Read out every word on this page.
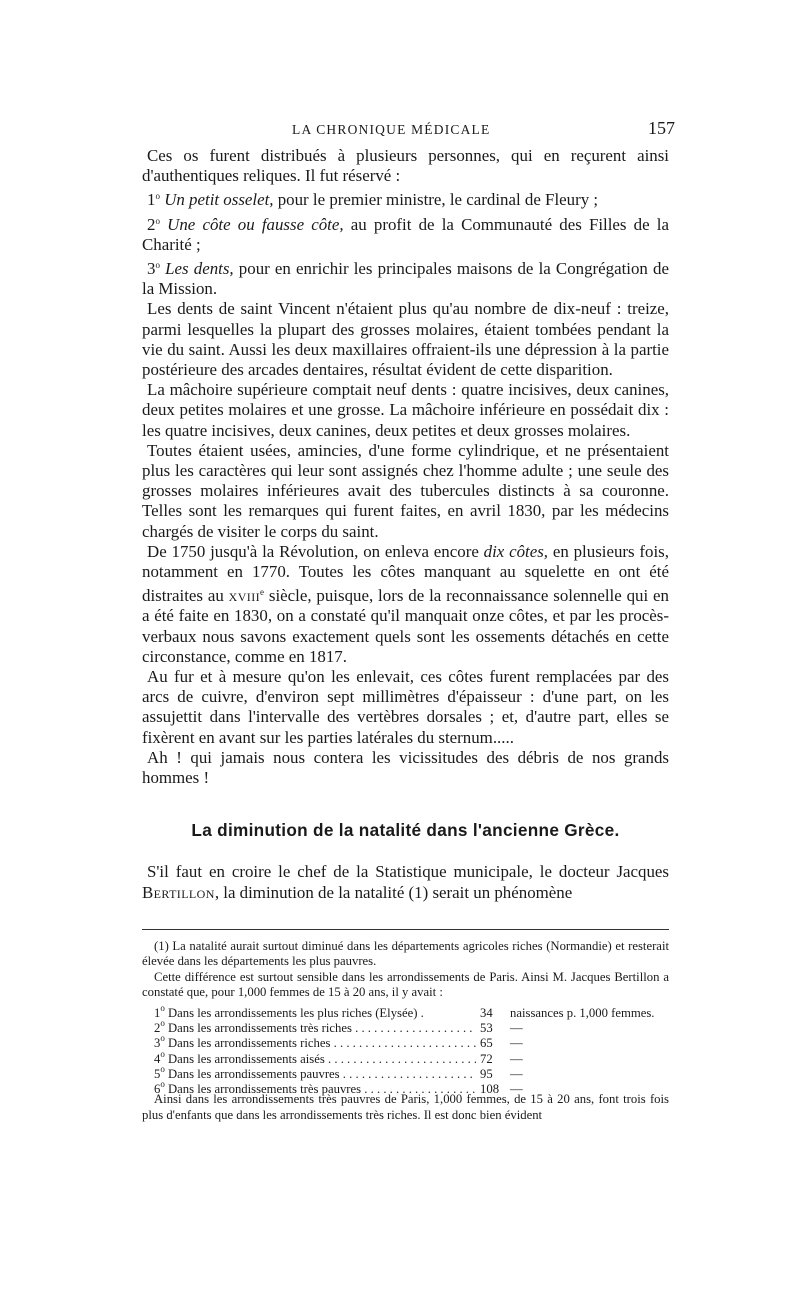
LA CHRONIQUE MÉDICALE	157

Ces os furent distribués à plusieurs personnes, qui en reçurent ainsi d'authentiques reliques. Il fut réservé :

1$^o$ Un petit osselet, pour le premier ministre, le cardinal de Fleury ;

2$^o$ Une côte ou fausse côte, au profit de la Communauté des Filles de la Charité ;

3$^o$ Les dents, pour en enrichir les principales maisons de la Congrégation de la Mission.

Les dents de saint Vincent n'étaient plus qu'au nombre de dix-neuf : treize, parmi lesquelles la plupart des grosses molaires, étaient tombées pendant la vie du saint. Aussi les deux maxillaires offraient-ils une dépression à la partie postérieure des arcades dentaires, résultat évident de cette disparition.

La mâchoire supérieure comptait neuf dents : quatre incisives, deux canines, deux petites molaires et une grosse. La mâchoire inférieure en possédait dix : les quatre incisives, deux canines, deux petites et deux grosses molaires.

Toutes étaient usées, amincies, d'une forme cylindrique, et ne présentaient plus les caractères qui leur sont assignés chez l'homme adulte ; une seule des grosses molaires inférieures avait des tubercules distincts à sa couronne. Telles sont les remarques qui furent faites, en avril 1830, par les médecins chargés de visiter le corps du saint.

De 1750 jusqu'à la Révolution, on enleva encore dix côtes, en plusieurs fois, notamment en 1770. Toutes les côtes manquant au squelette en ont été distraites au xviii$^e$ siècle, puisque, lors de la reconnaissance solennelle qui en a été faite en 1830, on a constaté qu'il manquait onze côtes, et par les procès-verbaux nous savons exactement quels sont les ossements détachés en cette circonstance, comme en 1817.

Au fur et à mesure qu'on les enlevait, ces côtes furent remplacées par des arcs de cuivre, d'environ sept millimètres d'épaisseur : d'une part, on les assujettit dans l'intervalle des vertèbres dorsales ; et, d'autre part, elles se fixèrent en avant sur les parties latérales du sternum.....

Ah ! qui jamais nous contera les vicissitudes des débris de nos grands hommes !

La diminution de la natalité dans l'ancienne Grèce.

S'il faut en croire le chef de la Statistique municipale, le docteur Jacques Bertillon, la diminution de la natalité (1) serait un phénomène

(1) La natalité aurait surtout diminué dans les départements agricoles riches (Normandie) et resterait élevée dans les départements les plus pauvres.

Cette différence est surtout sensible dans les arrondissements de Paris. Ainsi M. Jacques Bertillon a constaté que, pour 1,000 femmes de 15 à 20 ans, il y avait :

1$^o$ Dans les arrondissements les plus riches (Elysée) .	34	naissances p. 1,000 femmes.
2$^o$ Dans les arrondissements très riches . . .	53	—
3$^o$ Dans les arrondissements riches . . .	65	—
4$^o$ Dans les arrondissements aisés . . .	72	—
5$^o$ Dans les arrondissements pauvres . . .	95	—
6$^o$ Dans les arrondissements très pauvres . . .	108 —

Ainsi dans les arrondissements très pauvres de Paris, 1,000 femmes, de 15 à 20 ans, font trois fois plus d'enfants que dans les arrondissements très riches. Il est donc bien évident
